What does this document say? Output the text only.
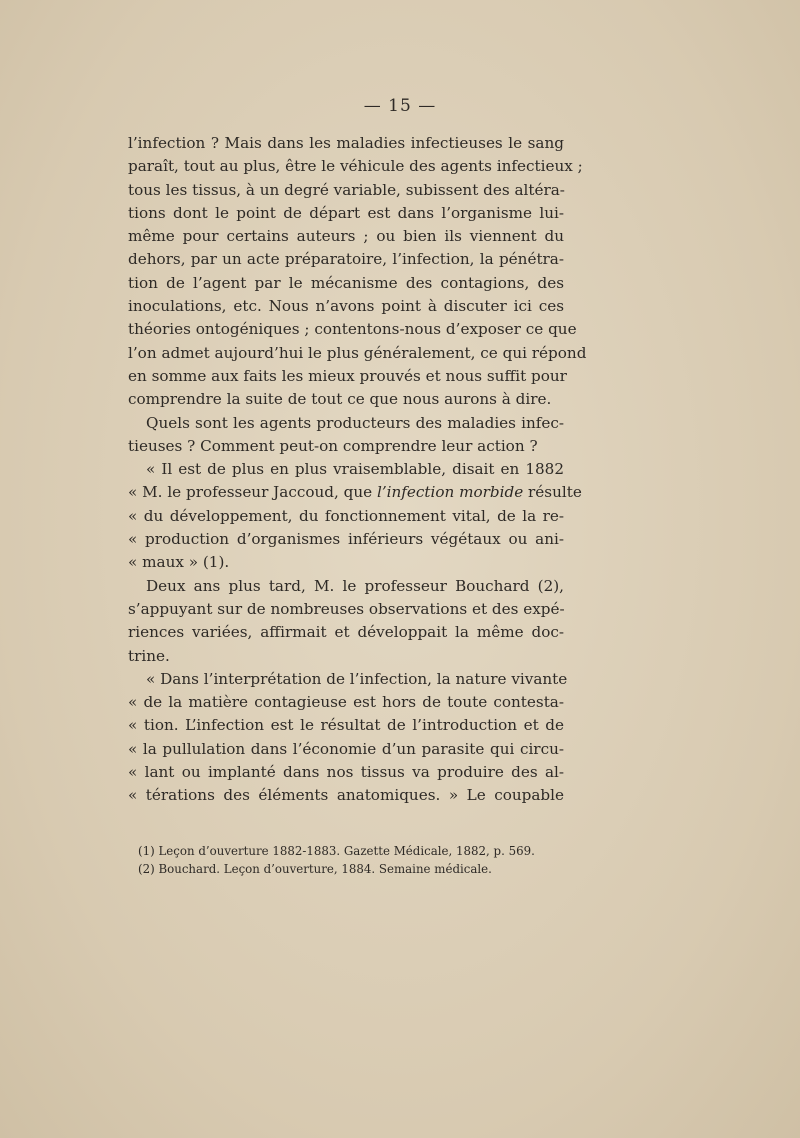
— 15 —
l’infection ? Mais dans les maladies infectieuses le sang
paraît, tout au plus, être le véhicule des agents infectieux ;
tous les tissus, à un degré variable, subissent des altéra-
tions dont le point de départ est dans l’organisme lui-
même pour certains auteurs ; ou bien ils viennent du
dehors, par un acte préparatoire, l’infection, la pénétra-
tion de l’agent par le mécanisme des contagions, des
inoculations, etc. Nous n’avons point à discuter ici ces
théories ontogéniques ; contentons-nous d’exposer ce que
l’on admet aujourd’hui le plus généralement, ce qui répond
en somme aux faits les mieux prouvés et nous suffit pour
comprendre la suite de tout ce que nous aurons à dire.
Quels sont les agents producteurs des maladies infec-
tieuses ? Comment peut-on comprendre leur action ?
« Il est de plus en plus vraisemblable, disait en 1882
« M. le professeur Jaccoud, que l’infection morbide résulte
« du développement, du fonctionnement vital, de la re-
« production d’organismes inférieurs végétaux ou ani-
« maux » (1).
Deux ans plus tard, M. le professeur Bouchard (2),
s’appuyant sur de nombreuses observations et des expé-
riences variées, affirmait et développait la même doc-
trine.
« Dans l’interprétation de l’infection, la nature vivante
« de la matière contagieuse est hors de toute contesta-
« tion. L’infection est le résultat de l’introduction et de
« la pullulation dans l’économie d’un parasite qui circu-
« lant ou implanté dans nos tissus va produire des al-
« térations des éléments anatomiques. » Le coupable
(1) Leçon d’ouverture 1882-1883. Gazette Médicale, 1882, p. 569.
(2) Bouchard. Leçon d’ouverture, 1884. Semaine médicale.
